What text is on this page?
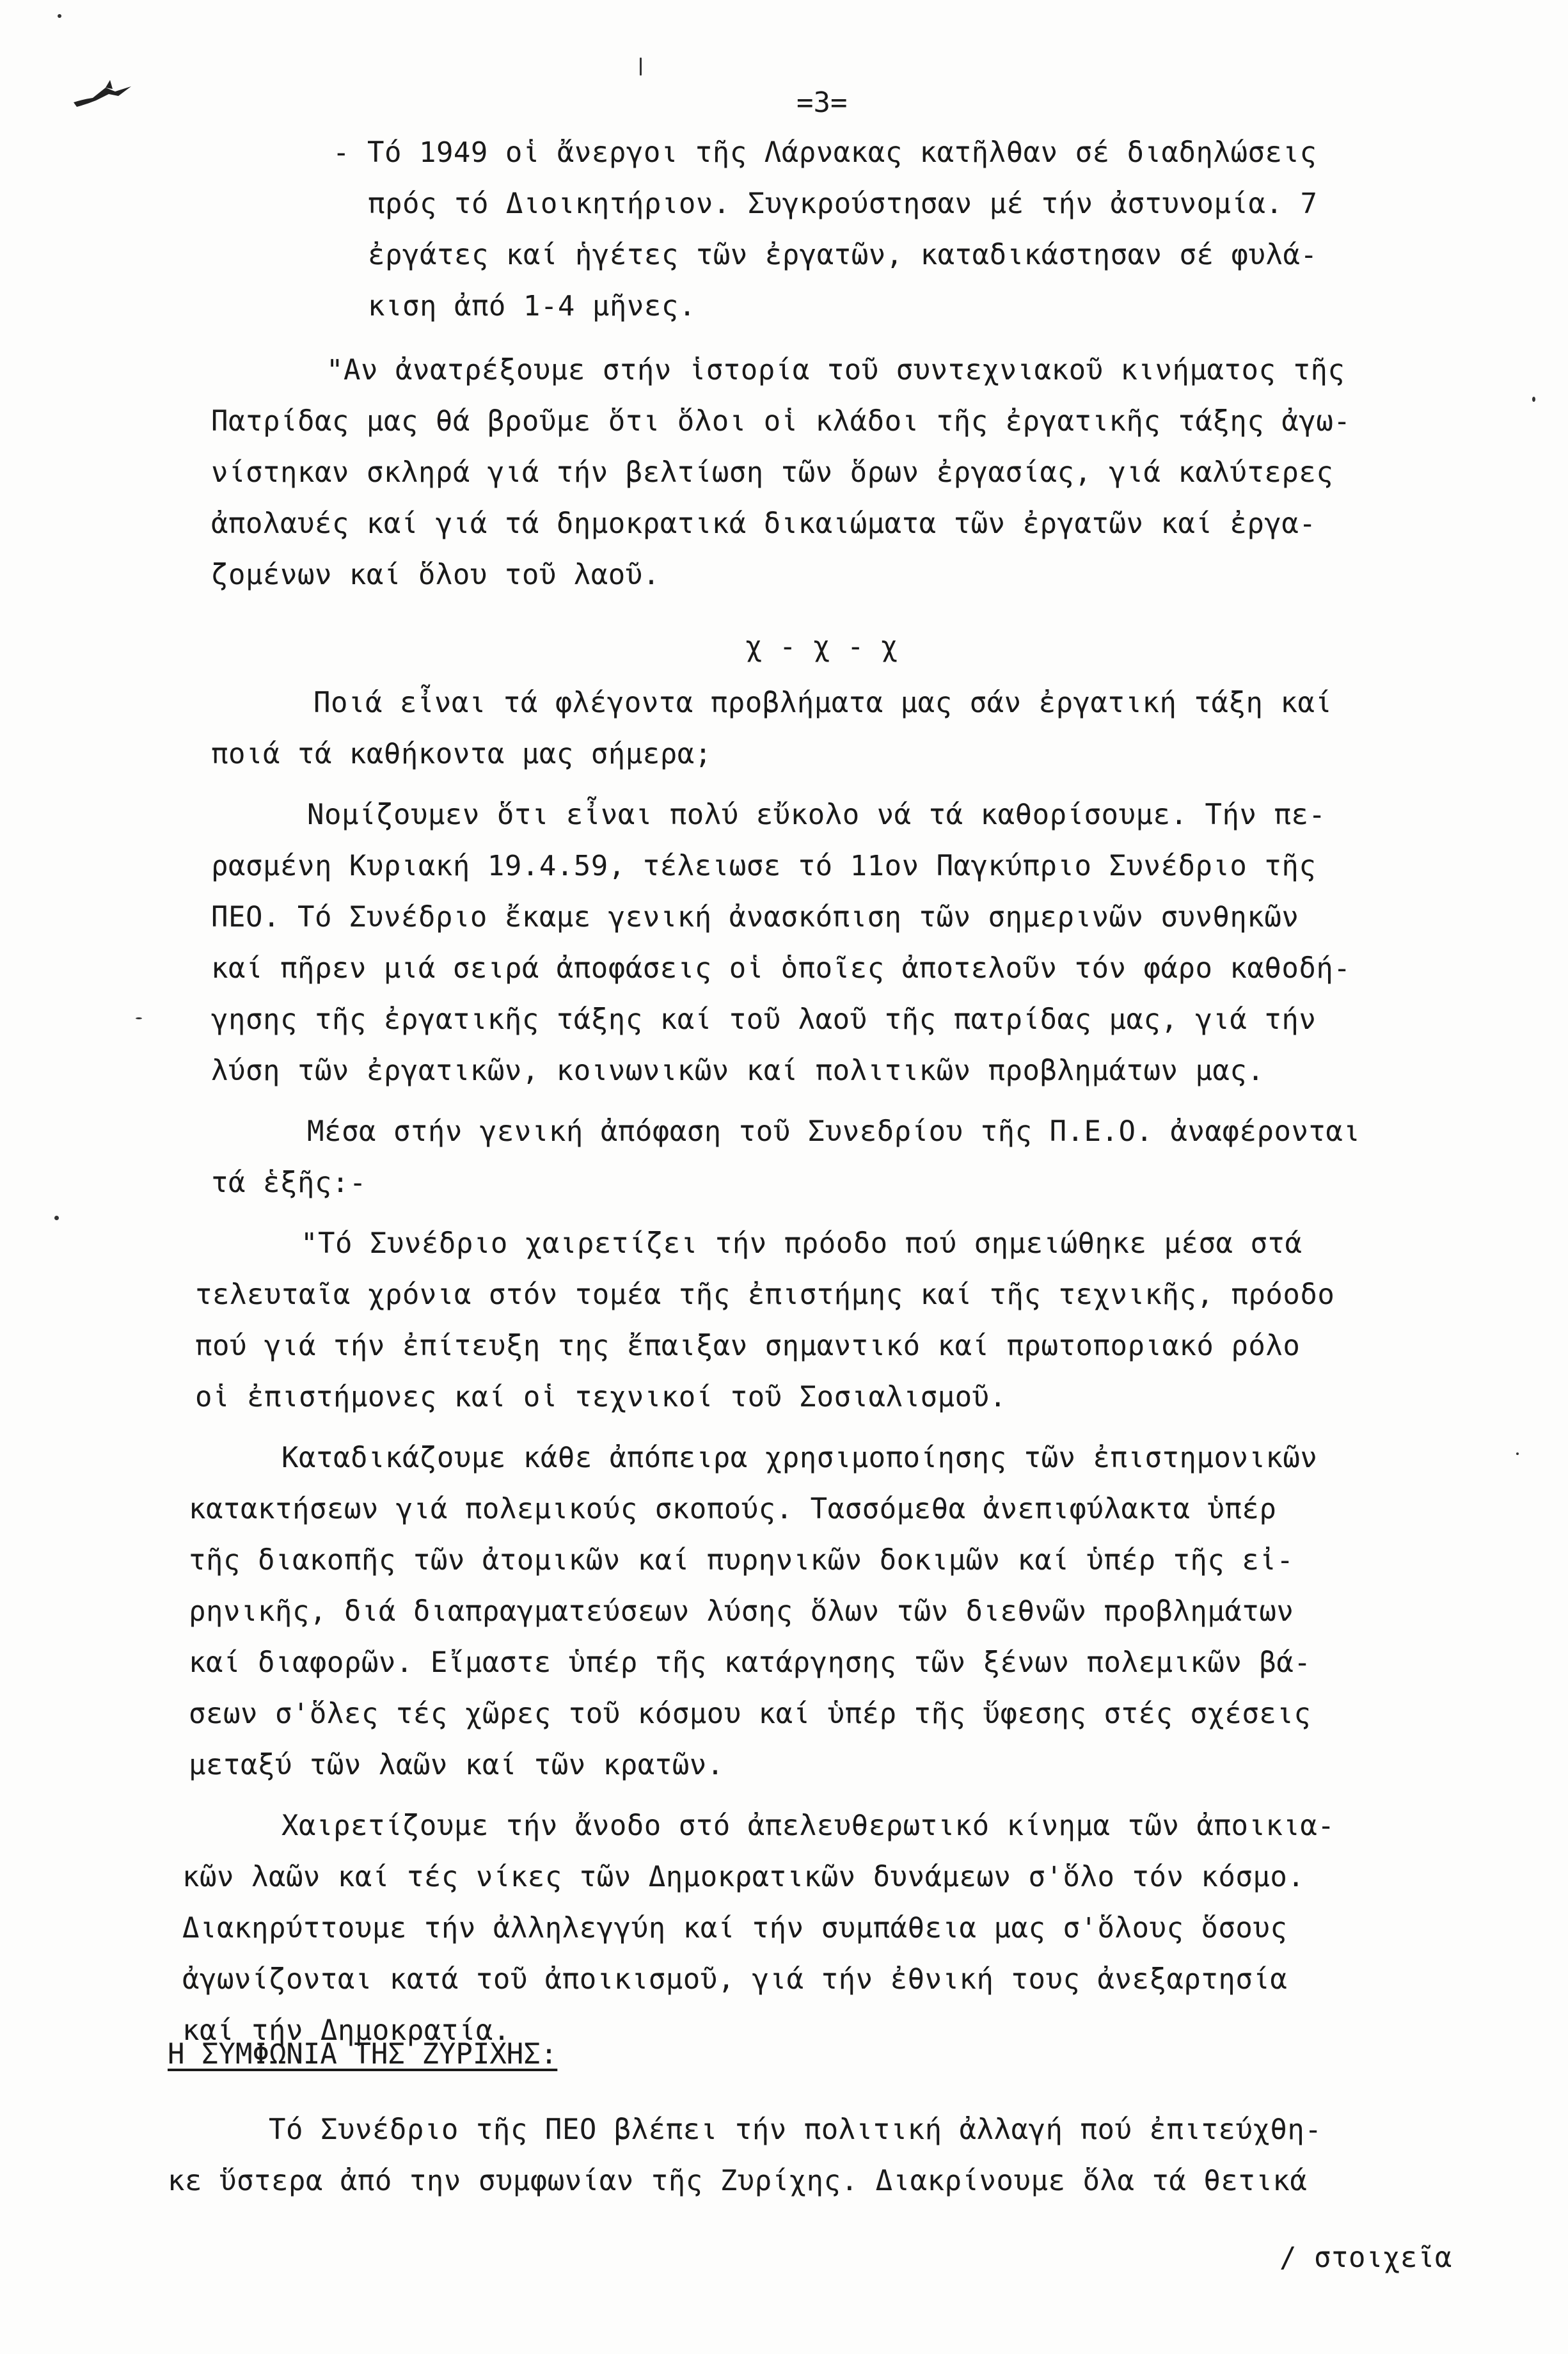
=3=
- Τό 1949 οἱ ἄνεργοι τῆς Λάρνακας κατῆλθαν σέ διαδηλώσεις
πρός τό Διοικητήριον. Συγκρούστησαν μέ τήν ἀστυνομία. 7
ἐργάτες καί ἡγέτες τῶν ἐργατῶν, καταδικάστησαν σέ φυλά-
κιση ἀπό 1-4 μῆνες.
"Αν ἀνατρέξουμε στήν ἱστορία τοῦ συντεχνιακοῦ κινήματος τῆς
Πατρίδας μας θά βροῦμε ὅτι ὅλοι οἱ κλάδοι τῆς ἐργατικῆς τάξης ἀγω-
νίστηκαν σκληρά γιά τήν βελτίωση τῶν ὅρων ἐργασίας, γιά καλύτερες
ἀπολαυές καί γιά τά δημοκρατικά δικαιώματα τῶν ἐργατῶν καί ἐργα-
ζομένων καί ὅλου τοῦ λαοῦ.
χ - χ - χ
Ποιά εἶναι τά φλέγοντα προβλήματα μας σάν ἐργατική τάξη καί
ποιά τά καθήκοντα μας σήμερα;
Νομίζουμεν ὅτι εἶναι πολύ εὔκολο νά τά καθορίσουμε. Τήν πε-
ρασμένη Κυριακή 19.4.59, τέλειωσε τό 11ον Παγκύπριο Συνέδριο τῆς
ΠΕΟ. Τό Συνέδριο ἔκαμε γενική ἀνασκόπιση τῶν σημερινῶν συνθηκῶν
καί πῆρεν μιά σειρά ἀποφάσεις οἱ ὁποῖες ἀποτελοῦν τόν φάρο καθοδή-
γησης τῆς ἐργατικῆς τάξης καί τοῦ λαοῦ τῆς πατρίδας μας, γιά τήν
λύση τῶν ἐργατικῶν, κοινωνικῶν καί πολιτικῶν προβλημάτων μας.
Μέσα στήν γενική ἀπόφαση τοῦ Συνεδρίου τῆς Π.Ε.Ο. ἀναφέρονται
τά ἑξῆς:-
"Τό Συνέδριο χαιρετίζει τήν πρόοδο πού σημειώθηκε μέσα στά
τελευταῖα χρόνια στόν τομέα τῆς ἐπιστήμης καί τῆς τεχνικῆς, πρόοδο
πού γιά τήν ἐπίτευξη της ἔπαιξαν σημαντικό καί πρωτοποριακό ρόλο
οἱ ἐπιστήμονες καί οἱ τεχνικοί τοῦ Σοσιαλισμοῦ.
Καταδικάζουμε κάθε ἀπόπειρα χρησιμοποίησης τῶν ἐπιστημονικῶν
κατακτήσεων γιά πολεμικούς σκοπούς. Τασσόμεθα ἀνεπιφύλακτα ὑπέρ
τῆς διακοπῆς τῶν ἀτομικῶν καί πυρηνικῶν δοκιμῶν καί ὑπέρ τῆς εἰ-
ρηνικῆς, διά διαπραγματεύσεων λύσης ὅλων τῶν διεθνῶν προβλημάτων
καί διαφορῶν. Εἴμαστε ὑπέρ τῆς κατάργησης τῶν ξένων πολεμικῶν βά-
σεων σ'ὅλες τές χῶρες τοῦ κόσμου καί ὑπέρ τῆς ὕφεσης στές σχέσεις
μεταξύ τῶν λαῶν καί τῶν κρατῶν.
Χαιρετίζουμε τήν ἄνοδο στό ἀπελευθερωτικό κίνημα τῶν ἀποικια-
κῶν λαῶν καί τές νίκες τῶν Δημοκρατικῶν δυνάμεων σ'ὅλο τόν κόσμο.
Διακηρύττουμε τήν ἀλληλεγγύη καί τήν συμπάθεια μας σ'ὅλους ὅσους
ἀγωνίζονται κατά τοῦ ἀποικισμοῦ, γιά τήν ἐθνική τους ἀνεξαρτησία
καί τήν Δημοκρατία.
Η ΣΥΜΦΩΝΙΑ ΤΗΣ ΖΥΡΙΧΗΣ:
Τό Συνέδριο τῆς ΠΕΟ βλέπει τήν πολιτική ἀλλαγή πού ἐπιτεύχθη-
κε ὕστερα ἀπό την συμφωνίαν τῆς Ζυρίχης. Διακρίνουμε ὅλα τά θετικά
/ στοιχεῖα
